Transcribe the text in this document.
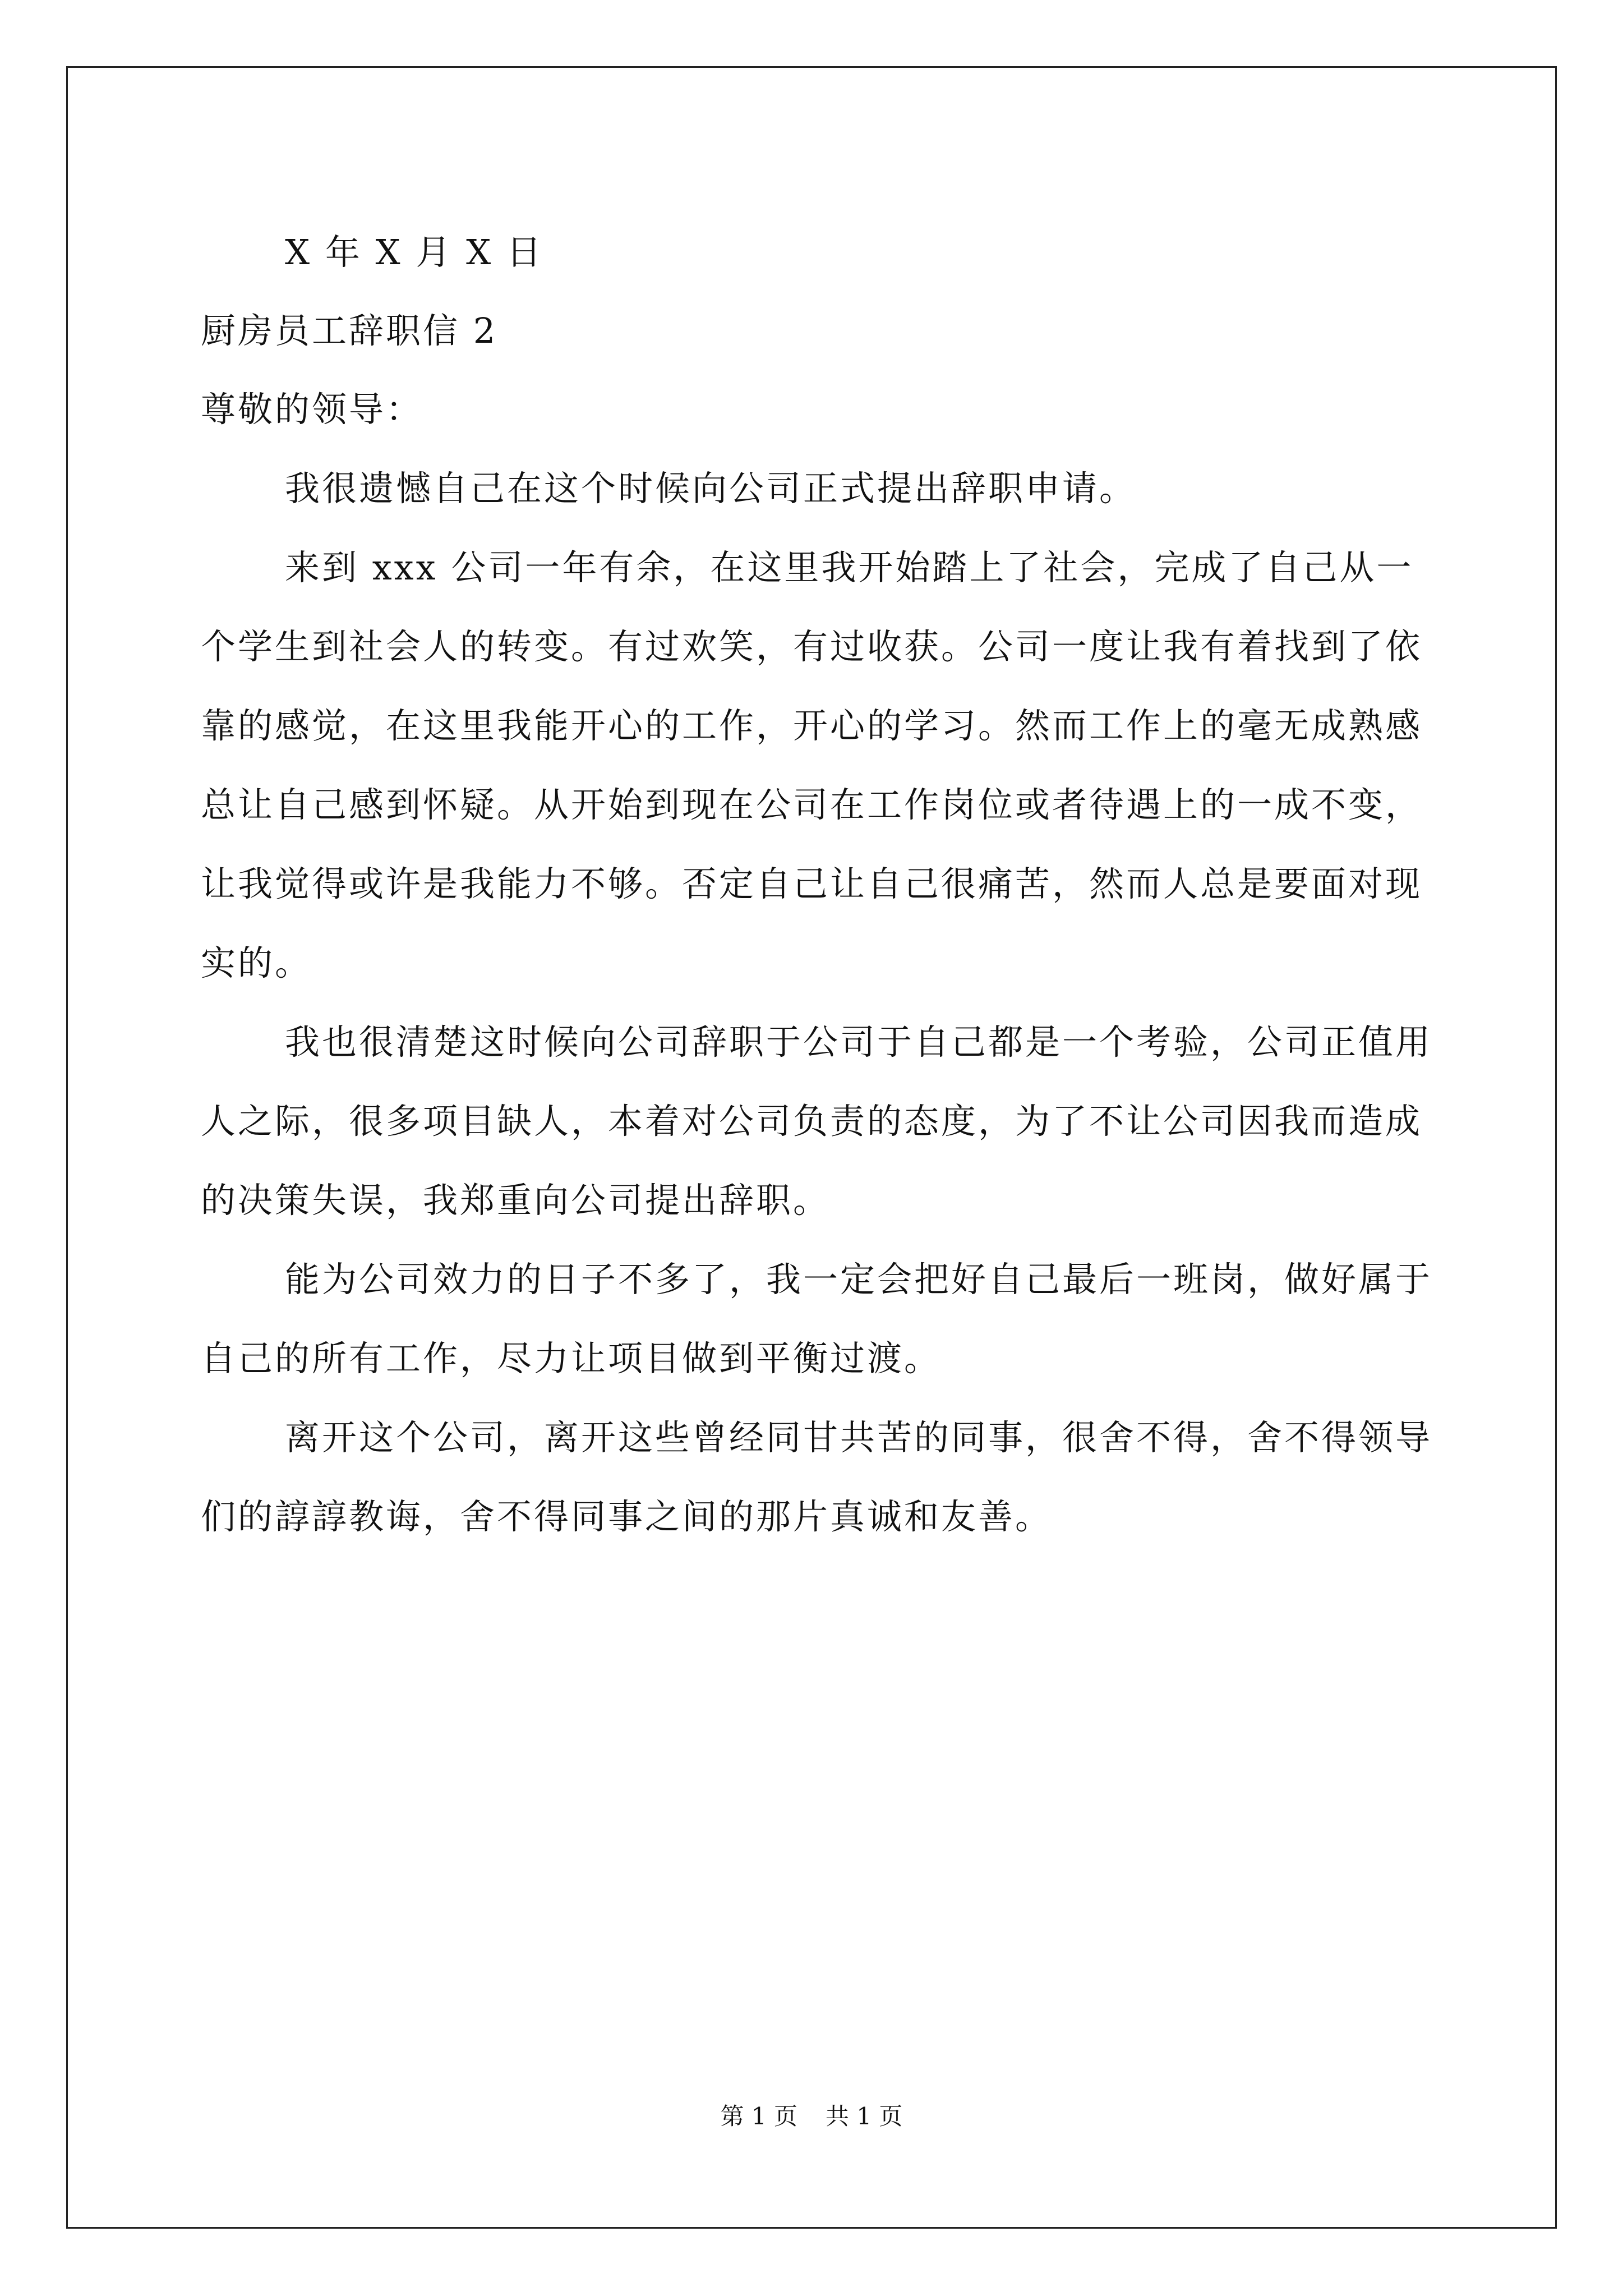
X 年 X 月 X 日
厨房员工辞职信 2
尊敬的领导：

我很遗憾自己在这个时候向公司正式提出辞职申请。

来到 xxx 公司一年有余，在这里我开始踏上了社会，完成了自己从一个学生到社会人的转变。有过欢笑，有过收获。公司一度让我有着找到了依靠的感觉，在这里我能开心的工作，开心的学习。然而工作上的毫无成熟感总让自己感到怀疑。从开始到现在公司在工作岗位或者待遇上的一成不变，让我觉得或许是我能力不够。否定自己让自己很痛苦，然而人总是要面对现实的。

我也很清楚这时候向公司辞职于公司于自己都是一个考验，公司正值用人之际，很多项目缺人，本着对公司负责的态度，为了不让公司因我而造成的决策失误，我郑重向公司提出辞职。

能为公司效力的日子不多了，我一定会把好自己最后一班岗，做好属于自己的所有工作，尽力让项目做到平衡过渡。

离开这个公司，离开这些曾经同甘共苦的同事，很舍不得，舍不得领导们的諄諄教诲，舍不得同事之间的那片真诚和友善。

第 1 页 共 1 页
